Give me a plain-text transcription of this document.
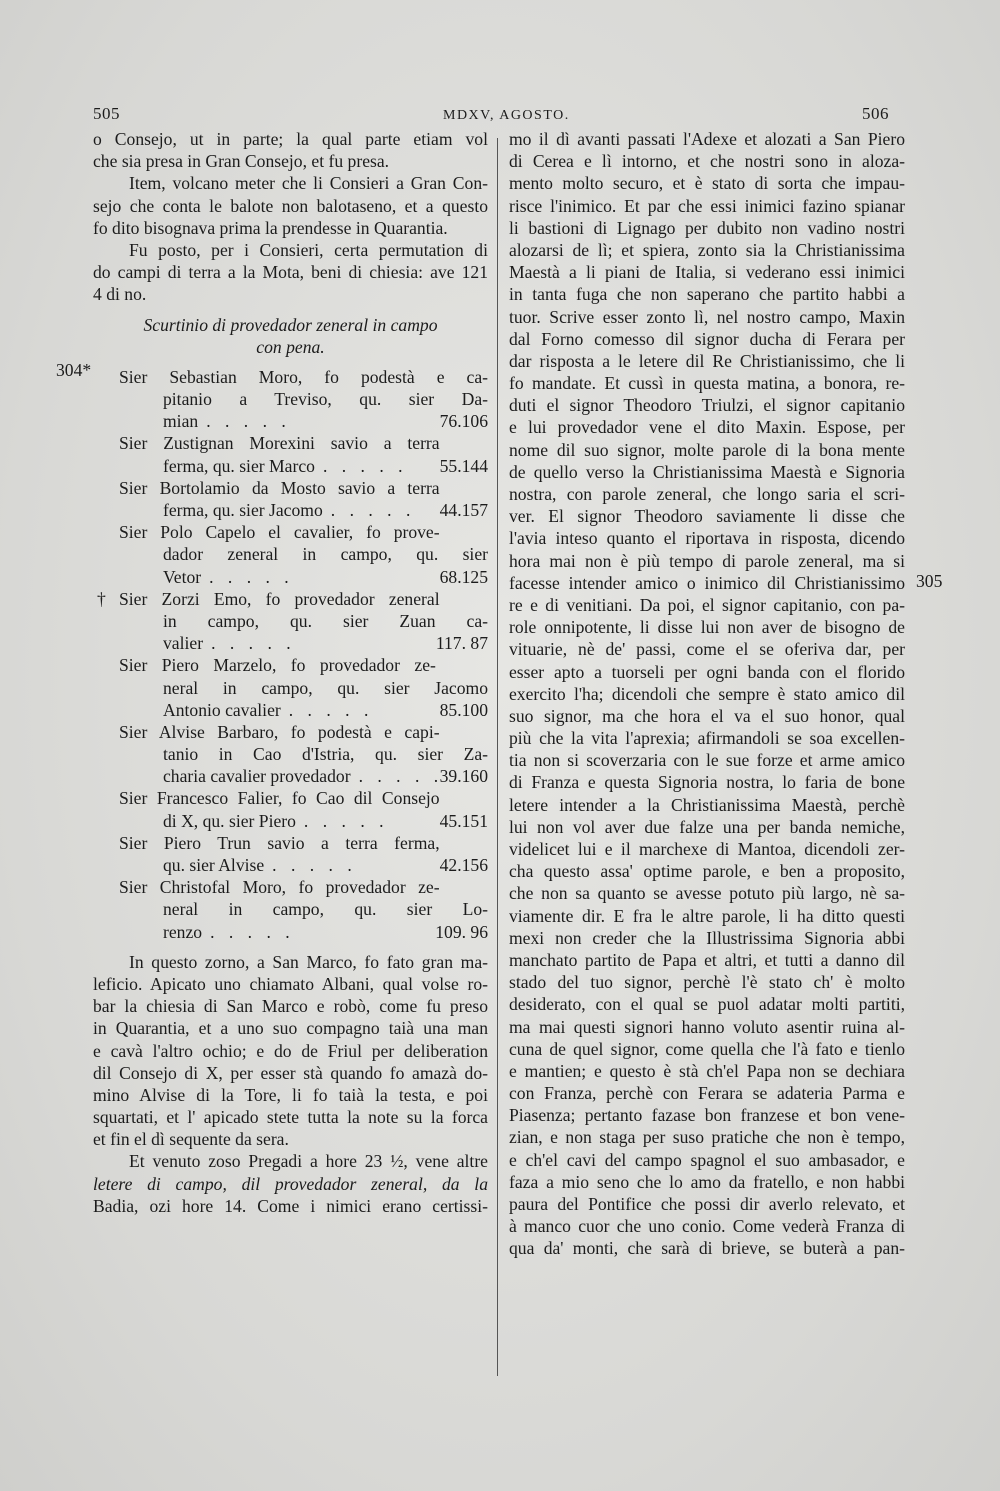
505	MDXV, AGOSTO.	506
304*
305
o Consejo, ut in parte; la qual parte etiam vol
che sia presa in Gran Consejo, et fu presa.
Item, volcano meter che li Consieri a Gran Con-
sejo che conta le balote non balotaseno, et a questo
fo dito bisognava prima la prendesse in Quarantia.
Fu posto, per i Consieri, certa permutation di
do campi di terra a la Mota, beni di chiesia: ave 121
4 di no.
Scurtinio di provedador zeneral in campo
con pena.
Sier Sebastian Moro, fo podestà e ca-
pitanio a Treviso, qu. sier Da-
mian	76.106
. . . . .
Sier Zustignan Morexini savio a terra
ferma, qu. sier Marco	55.144
. . . . .
Sier Bortolamio da Mosto savio a terra
ferma, qu. sier Jacomo	44.157
. . . . .
Sier Polo Capelo el cavalier, fo prove-
dador zeneral in campo, qu. sier
Vetor	68.125
. . . . .
† Sier Zorzi Emo, fo provedador zeneral
in campo, qu. sier Zuan ca-
valier	117. 87
. . . . .
Sier Piero Marzelo, fo provedador ze-
neral in campo, qu. sier Jacomo
Antonio cavalier	85.100
. . . . .
Sier Alvise Barbaro, fo podestà e capi-
tanio in Cao d'Istria, qu. sier Za-
charia cavalier provedador	39.160
. . . . .
Sier Francesco Falier, fo Cao dil Consejo
di X, qu. sier Piero	45.151
. . . . .
Sier Piero Trun savio a terra ferma,
qu. sier Alvise	42.156
. . . . .
Sier Christofal Moro, fo provedador ze-
neral in campo, qu. sier Lo-
renzo	109. 96
. . . . .
In questo zorno, a San Marco, fo fato gran ma-
leficio. Apicato uno chiamato Albani, qual volse ro-
bar la chiesia di San Marco e robò, come fu preso
in Quarantia, et a uno suo compagno taià una man
e cavà l'altro ochio; e do de Friul per deliberation
dil Consejo di X, per esser stà quando fo amazà do-
mino Alvise di la Tore, li fo taià la testa, e poi
squartati, et l' apicado stete tutta la note su la forca
et fin el dì sequente da sera.
Et venuto zoso Pregadi a hore 23 ½, vene altre
letere di campo, dil provedador zeneral, da la
Badia, ozi hore 14. Come i nimici erano certissi-
mo il dì avanti passati l'Adexe et alozati a San Piero
di Cerea e lì intorno, et che nostri sono in aloza-
mento molto securo, et è stato di sorta che impau-
risce l'inimico. Et par che essi inimici fazino spianar
li bastioni di Lignago per dubito non vadino nostri
alozarsi de lì; et spiera, zonto sia la Christianissima
Maestà a li piani de Italia, si vederano essi inimici
in tanta fuga che non saperano che partito habbi a
tuor. Scrive esser zonto lì, nel nostro campo, Maxin
dal Forno comesso dil signor ducha di Ferara per
dar risposta a le letere dil Re Christianissimo, che li
fo mandate. Et cussì in questa matina, a bonora, re-
duti el signor Theodoro Triulzi, el signor capitanio
e lui provedador vene el dito Maxin. Espose, per
nome dil suo signor, molte parole di la bona mente
de quello verso la Christianissima Maestà e Signoria
nostra, con parole zeneral, che longo saria el scri-
ver. El signor Theodoro saviamente li disse che
l'avia inteso quanto el riportava in risposta, dicendo
hora mai non è più tempo di parole zeneral, ma si
facesse intender amico o inimico dil Christianissimo
re e di venitiani. Da poi, el signor capitanio, con pa-
role onnipotente, li disse lui non aver de bisogno de
vituarie, nè de' passi, come el se oferiva dar, per
esser apto a tuorseli per ogni banda con el florido
exercito l'ha; dicendoli che sempre è stato amico dil
suo signor, ma che hora el va el suo honor, qual
più che la vita l'aprexia; afirmandoli se soa excellen-
tia non si scoverzaria con le sue forze et arme amico
di Franza e questa Signoria nostra, lo faria de bone
letere intender a la Christianissima Maestà, perchè
lui non vol aver due falze una per banda nemiche,
videlicet lui e il marchexe di Mantoa, dicendoli zer-
cha questo assa' optime parole, e ben a proposito,
che non sa quanto se avesse potuto più largo, nè sa-
viamente dir. E fra le altre parole, li ha ditto questi
mexi non creder che la Illustrissima Signoria abbi
manchato partito de Papa et altri, et tutti a danno dil
stado del tuo signor, perchè l'è stato ch' è molto
desiderato, con el qual se puol adatar molti partiti,
ma mai questi signori hanno voluto asentir ruina al-
cuna de quel signor, come quella che l'à fato e tienlo
e mantien; e questo è stà ch'el Papa non se dechiara
con Franza, perchè con Ferara se adateria Parma e
Piasenza; pertanto fazase bon franzese et bon vene-
zian, e non staga per suso pratiche che non è tempo,
e ch'el cavi del campo spagnol el suo ambasador, e
faza a mio seno che lo amo da fratello, e non habbi
paura del Pontifice che possi dir averlo relevato, et
à manco cuor che uno conio. Come vederà Franza di
qua da' monti, che sarà di brieve, se buterà a pan-
